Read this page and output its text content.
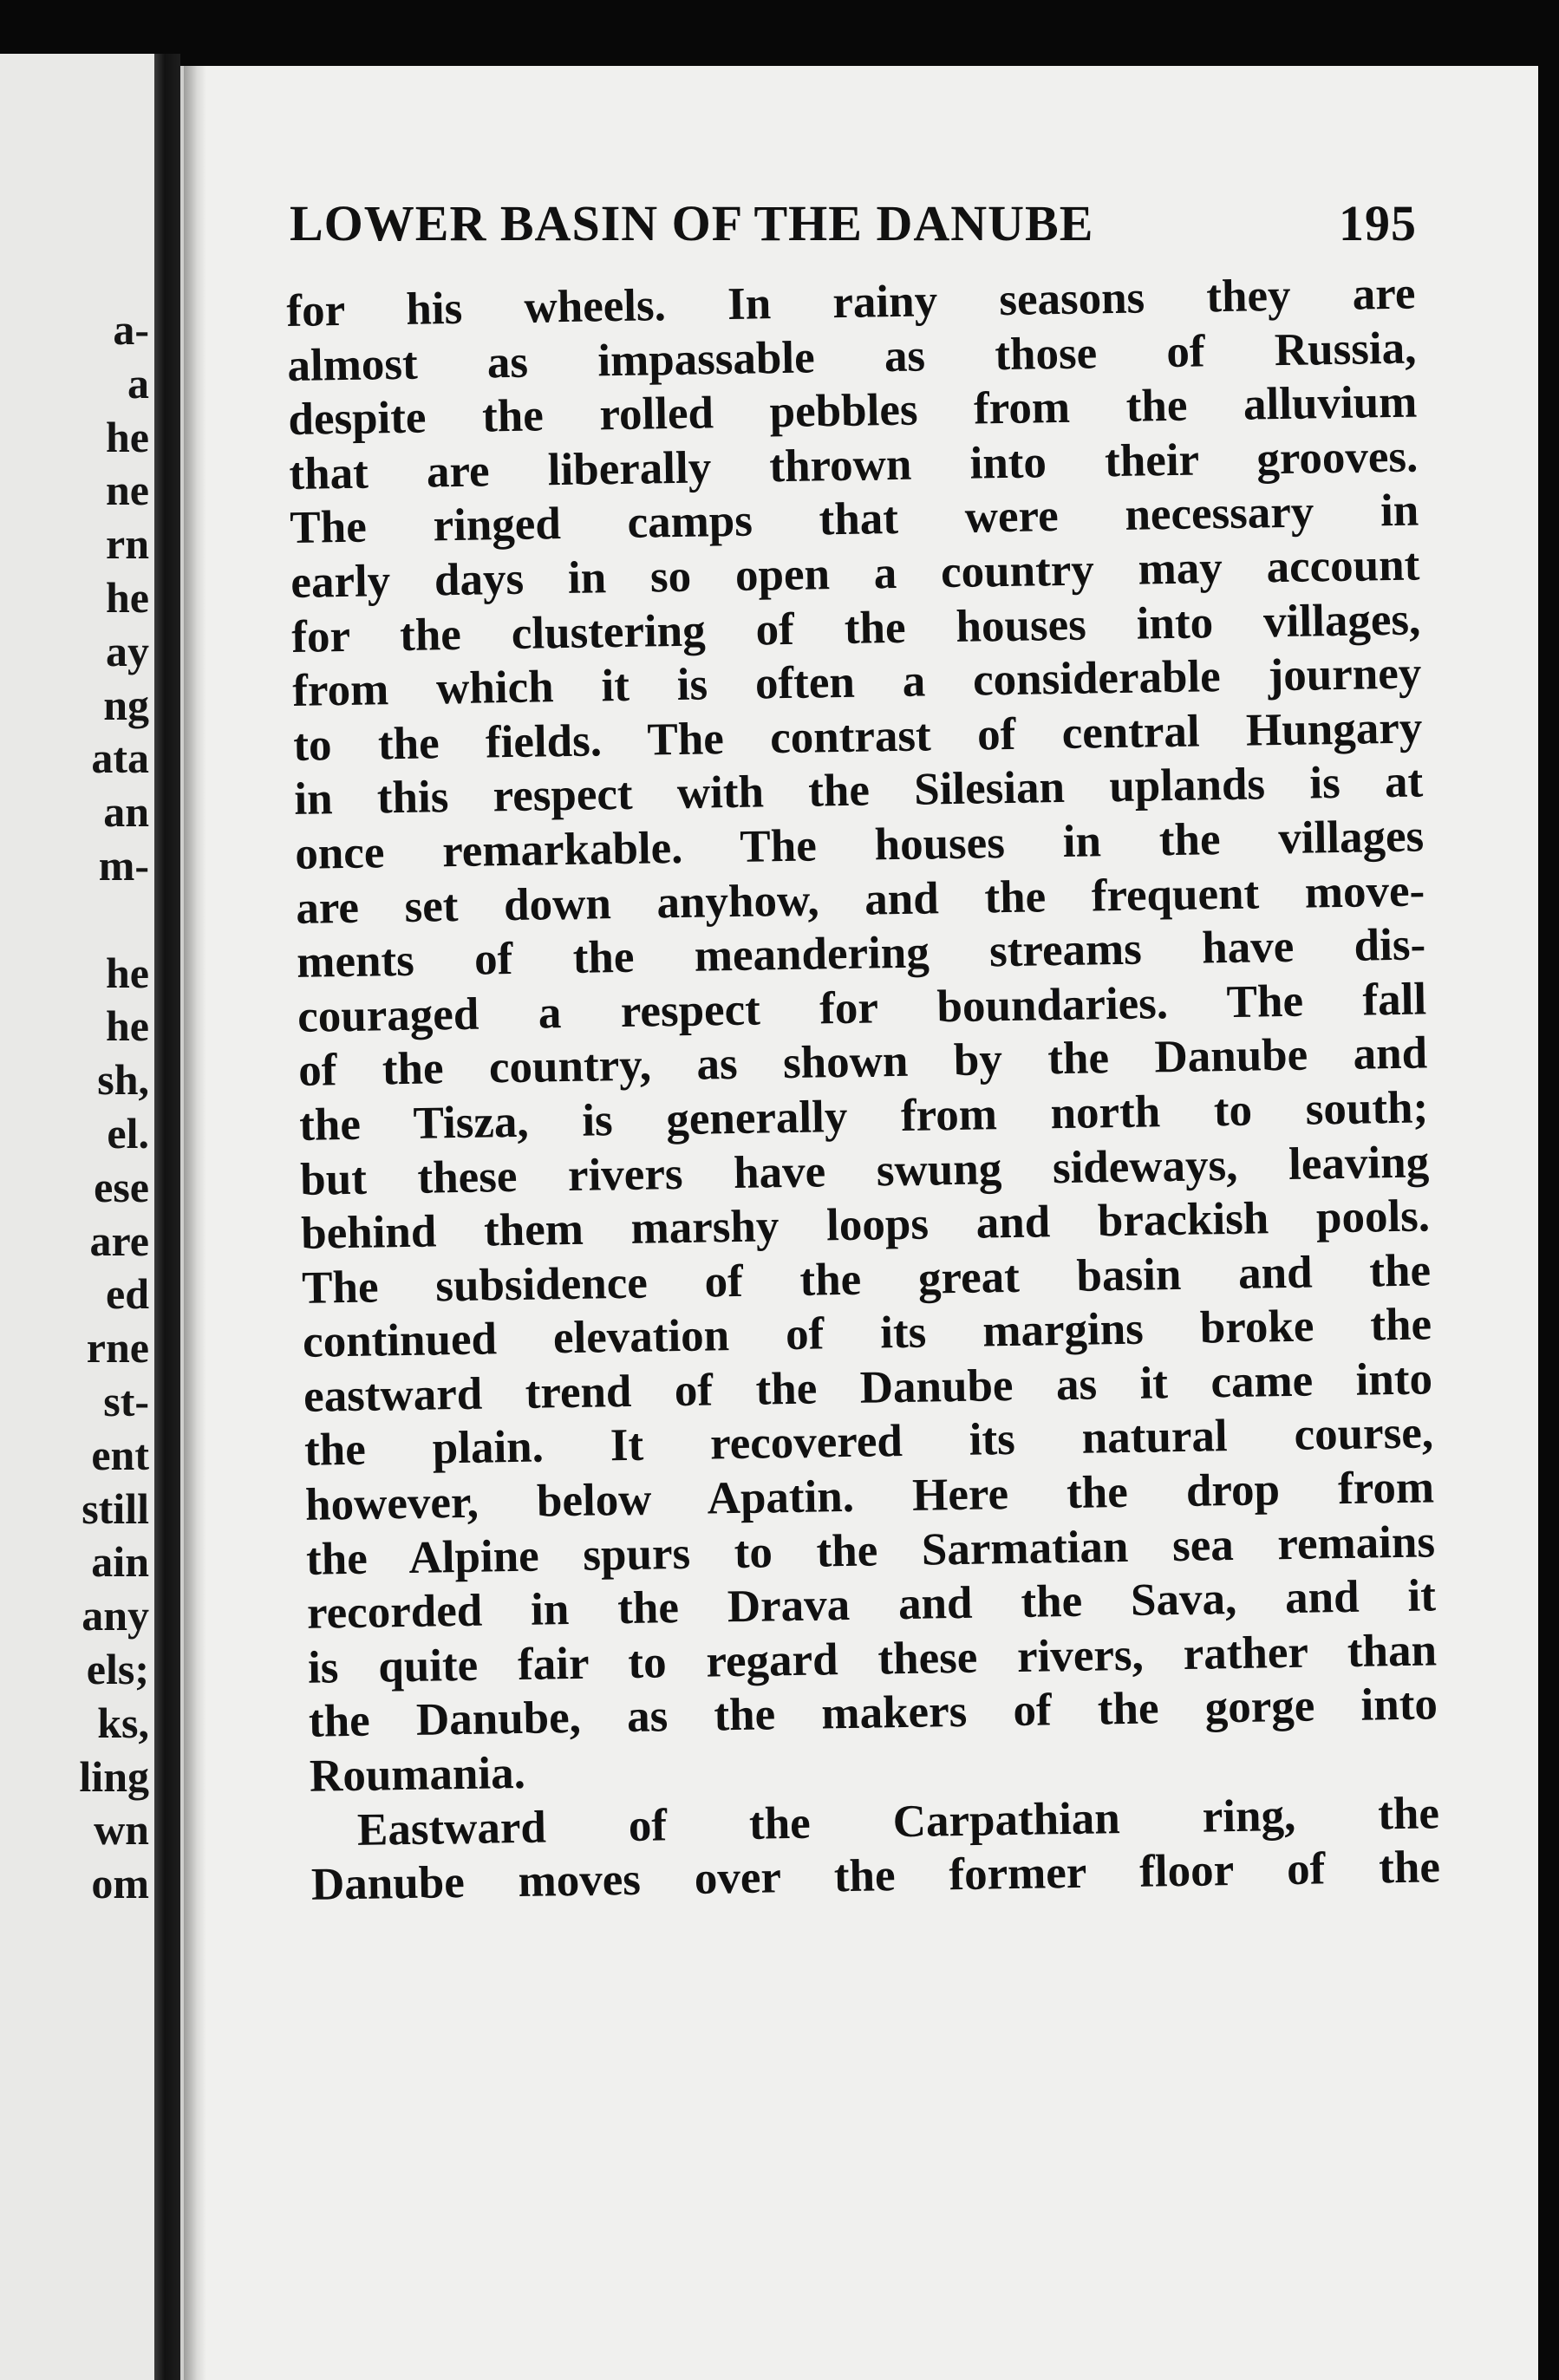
a-
a
he
ne
rn
he
ay
ng
ata
an
m-
he
he
sh,
el.
ese
are
ed
rne
st-
ent
still
ain
any
els;
ks,
ling
wn
om
LOWER BASIN OF THE DANUBE	195
for his wheels. In rainy seasons they are
almost as impassable as those of Russia,
despite the rolled pebbles from the alluvium
that are liberally thrown into their grooves.
The ringed camps that were necessary in
early days in so open a country may account
for the clustering of the houses into villages,
from which it is often a considerable journey
to the fields. The contrast of central Hungary
in this respect with the Silesian uplands is at
once remarkable. The houses in the villages
are set down anyhow, and the frequent move-
ments of the meandering streams have dis-
couraged a respect for boundaries. The fall
of the country, as shown by the Danube and
the Tisza, is generally from north to south;
but these rivers have swung sideways, leaving
behind them marshy loops and brackish pools.
The subsidence of the great basin and the
continued elevation of its margins broke the
eastward trend of the Danube as it came into
the plain. It recovered its natural course,
however, below Apatin. Here the drop from
the Alpine spurs to the Sarmatian sea remains
recorded in the Drava and the Sava, and it
is quite fair to regard these rivers, rather than
the Danube, as the makers of the gorge into
Roumania.
Eastward of the Carpathian ring, the
Danube moves over the former floor of the
